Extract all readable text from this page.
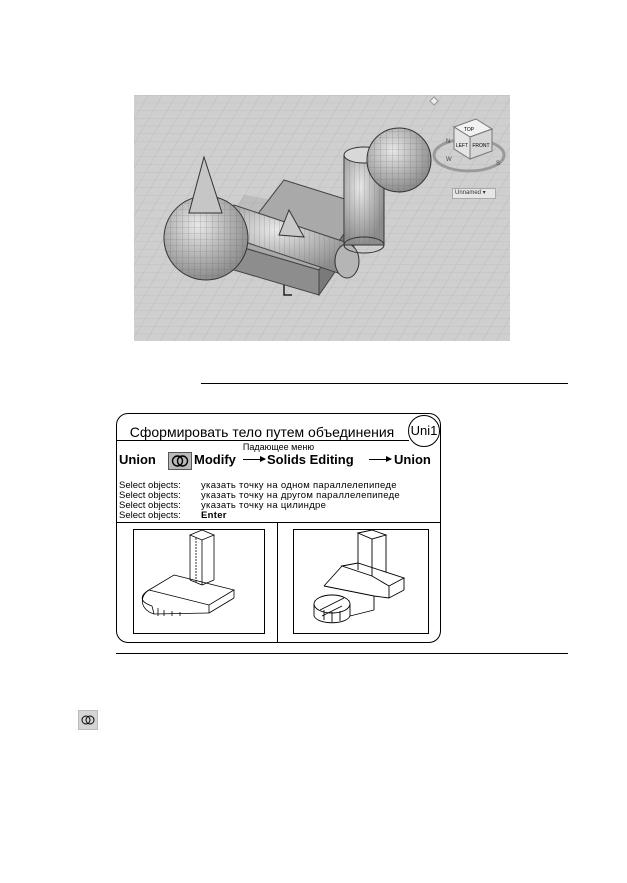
TOP
LEFT FRONT
N
W
S
Unnamed ▾
Сформировать тело путем объединения	Uni1
Падающее меню
Union	Modify Solids Editing	Union
Select objects: указать точку на одном параллелепипеде
Select objects: указать точку на другом параллелепипеде
Select objects: указать точку на цилиндре
Select objects: Enter
